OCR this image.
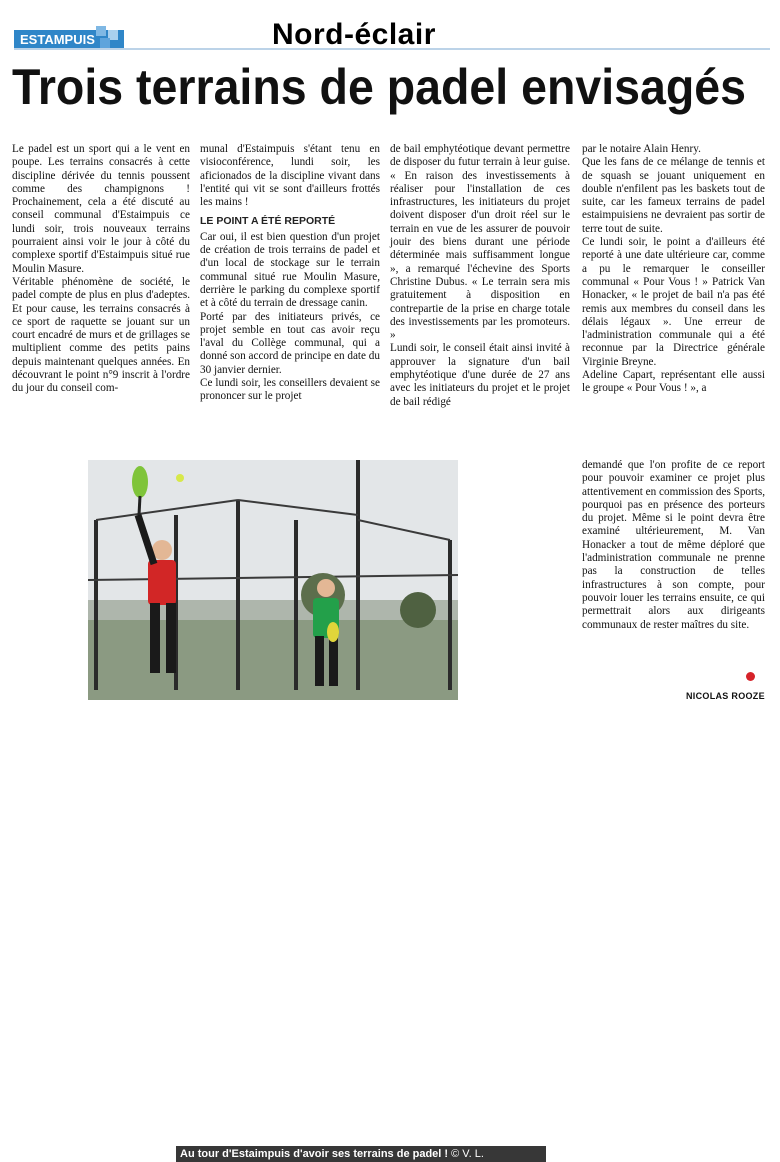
ESTAMPUIS	Nord-éclair
Trois terrains de padel envisagés

Le padel est un sport qui a le vent en poupe. Les terrains consacrés à cette discipline dérivée du tennis poussent comme des champignons ! Prochainement, cela a été discuté au conseil communal d'Estaimpuis ce lundi soir, trois nouveaux terrains pourraient ainsi voir le jour à côté du complexe sportif d'Estaimpuis situé rue Moulin Masure.
Véritable phénomène de société, le padel compte de plus en plus d'adeptes. Et pour cause, les terrains consacrés à ce sport de raquette se jouant sur un court encadré de murs et de grillages se multiplient comme des petits pains depuis maintenant quelques années. En découvrant le point n°9 inscrit à l'ordre du jour du conseil com-

munal d'Estaimpuis s'étant tenu en visioconférence, lundi soir, les aficionados de la discipline vivant dans l'entité qui vit se sont d'ailleurs frottés les mains !

LE POINT A ÉTÉ REPORTÉ

Car oui, il est bien question d'un projet de création de trois terrains de padel et d'un local de stockage sur le terrain communal situé rue Moulin Masure, derrière le parking du complexe sportif et à côté du terrain de dressage canin.
Porté par des initiateurs privés, ce projet semble en tout cas avoir reçu l'aval du Collège communal, qui a donné son accord de principe en date du 30 janvier dernier.
Ce lundi soir, les conseillers devaient se prononcer sur le projet

de bail emphytéotique devant permettre de disposer du futur terrain à leur guise. « En raison des investissements à réaliser pour l'installation de ces infrastructures, les initiateurs du projet doivent disposer d'un droit réel sur le terrain en vue de les assurer de pouvoir jouir des biens durant une période déterminée mais suffisamment longue », a remarqué l'échevine des Sports Christine Dubus. « Le terrain sera mis gratuitement à disposition en contrepartie de la prise en charge totale des investissements par les promoteurs. »
Lundi soir, le conseil était ainsi invité à approuver la signature d'un bail emphytéotique d'une durée de 27 ans avec les initiateurs du projet et le projet de bail rédigé

par le notaire Alain Henry.
Que les fans de ce mélange de tennis et de squash se jouant uniquement en double n'enfilent pas les baskets tout de suite, car les fameux terrains de padel estaimpuisiens ne devraient pas sortir de terre tout de suite.
Ce lundi soir, le point a d'ailleurs été reporté à une date ultérieure car, comme a pu le remarquer le conseiller communal « Pour Vous ! » Patrick Van Honacker, « le projet de bail n'a pas été remis aux membres du conseil dans les délais légaux ». Une erreur de l'administration communale qui a été reconnue par la Directrice générale Virginie Breyne.
Adeline Capart, représentant elle aussi le groupe « Pour Vous ! », a

demandé que l'on profite de ce report pour pouvoir examiner ce projet plus attentivement en commission des Sports, pourquoi pas en présence des porteurs du projet. Même si le point devra être examiné ultérieurement, M. Van Honacker a tout de même déploré que l'administration communale ne prenne pas la construction de telles infrastructures à son compte, pour pouvoir louer les terrains ensuite, ce qui permettrait alors aux dirigeants communaux de rester maîtres du site.

NICOLAS ROOZE
Au tour d'Estaimpuis d'avoir ses terrains de padel ! © V. L.
